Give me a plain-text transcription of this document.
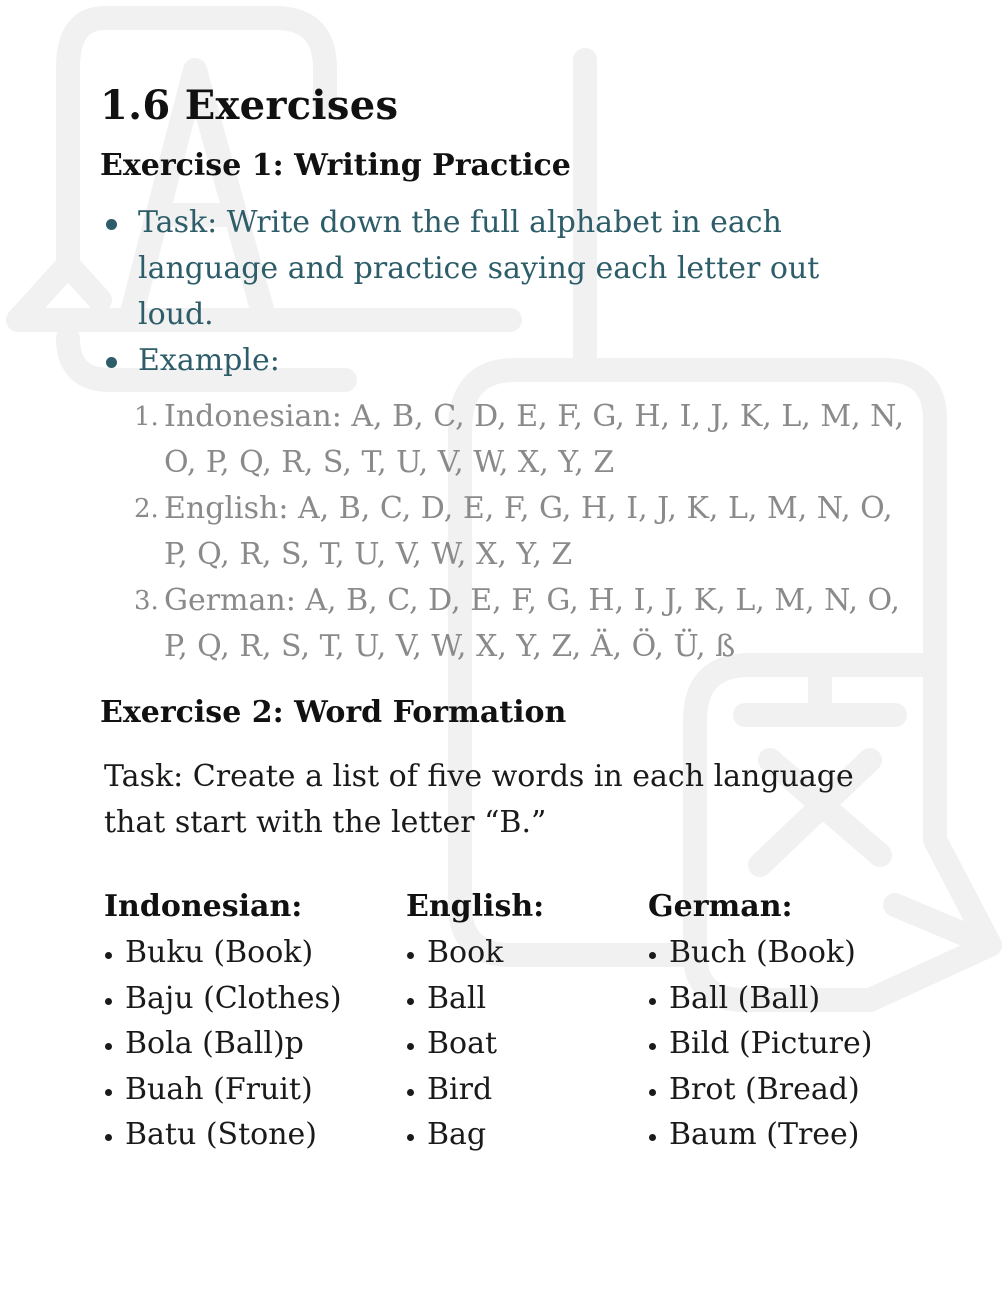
1.6 Exercises
Exercise 1: Writing Practice
Task: Write down the full alphabet in each language and practice saying each letter out loud.
Example:
1. Indonesian: A, B, C, D, E, F, G, H, I, J, K, L, M, N, O, P, Q, R, S, T, U, V, W, X, Y, Z
2. English: A, B, C, D, E, F, G, H, I, J, K, L, M, N, O, P, Q, R, S, T, U, V, W, X, Y, Z
3. German: A, B, C, D, E, F, G, H, I, J, K, L, M, N, O, P, Q, R, S, T, U, V, W, X, Y, Z, Ä, Ö, Ü, ß
Exercise 2: Word Formation

Task: Create a list of five words in each language that start with the letter “B.”

Indonesian:
Buku (Book)
Baju (Clothes)
Bola (Ball)p
Buah (Fruit)
Batu (Stone)
English:
Book
Ball
Boat
Bird
Bag
German:
Buch (Book)
Ball (Ball)
Bild (Picture)
Brot (Bread)
Baum (Tree)
